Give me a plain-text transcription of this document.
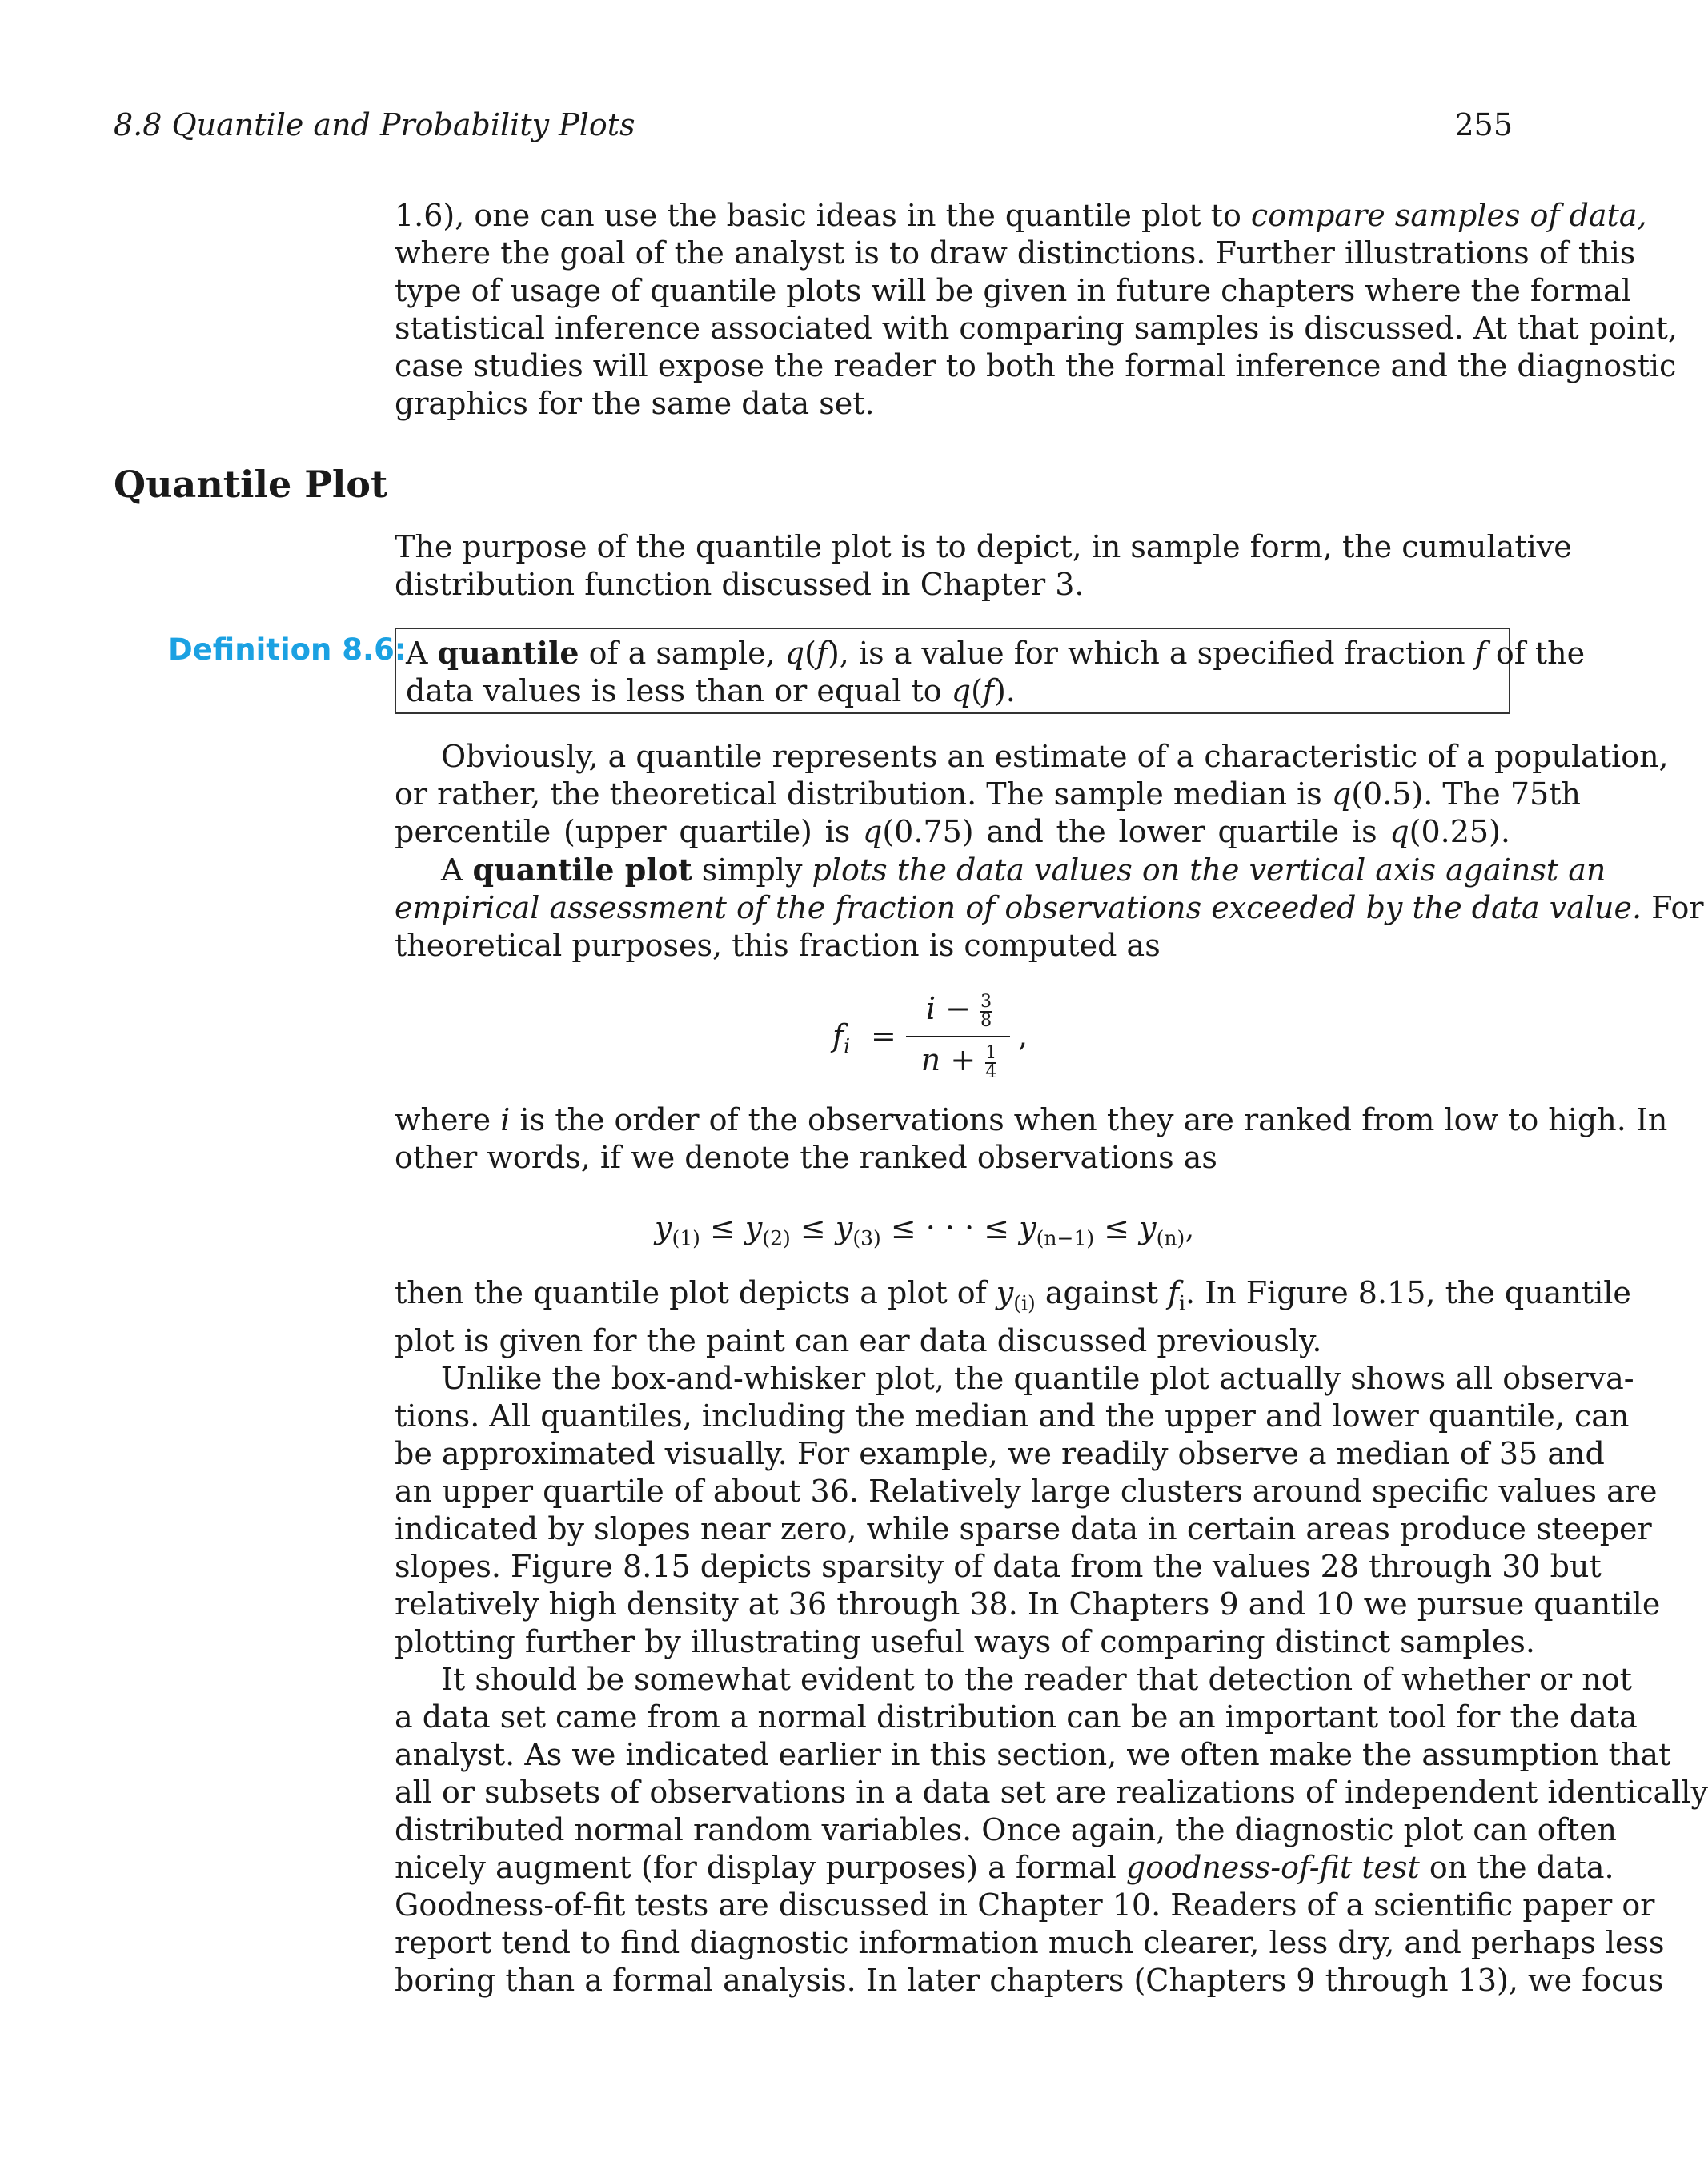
8.8 Quantile and Probability Plots	255
1.6), one can use the basic ideas in the quantile plot to compare samples of data,
where the goal of the analyst is to draw distinctions. Further illustrations of this
type of usage of quantile plots will be given in future chapters where the formal
statistical inference associated with comparing samples is discussed. At that point,
case studies will expose the reader to both the formal inference and the diagnostic
graphics for the same data set.
Quantile Plot
The purpose of the quantile plot is to depict, in sample form, the cumulative
distribution function discussed in Chapter 3.
Definition 8.6: A quantile of a sample, q(f), is a value for which a specified fraction f of the
data values is less than or equal to q(f).
Obviously, a quantile represents an estimate of a characteristic of a population,
or rather, the theoretical distribution. The sample median is q(0.5). The 75th
percentile (upper quartile) is q(0.75) and the lower quartile is q(0.25).
A quantile plot simply plots the data values on the vertical axis against an
empirical assessment of the fraction of observations exceeded by the data value. For
theoretical purposes, this fraction is computed as
$f_i$ =
$i - \frac{3}{8}$
$n + \frac{1}{4}$
,
where i is the order of the observations when they are ranked from low to high. In
other words, if we denote the ranked observations as
$y_{(1)} \le y_{(2)} \le y_{(3)}$ ≤ · · · ≤ $y_{(n-1)} \le y_{(n)}$,
then the quantile plot depicts a plot of $y_{(i)}$ against $f_i$. In Figure 8.15, the quantile
plot is given for the paint can ear data discussed previously.
Unlike the box-and-whisker plot, the quantile plot actually shows all observa-
tions. All quantiles, including the median and the upper and lower quantile, can
be approximated visually. For example, we readily observe a median of 35 and
an upper quartile of about 36. Relatively large clusters around specific values are
indicated by slopes near zero, while sparse data in certain areas produce steeper
slopes. Figure 8.15 depicts sparsity of data from the values 28 through 30 but
relatively high density at 36 through 38. In Chapters 9 and 10 we pursue quantile
plotting further by illustrating useful ways of comparing distinct samples.
It should be somewhat evident to the reader that detection of whether or not
a data set came from a normal distribution can be an important tool for the data
analyst. As we indicated earlier in this section, we often make the assumption that
all or subsets of observations in a data set are realizations of independent identically
distributed normal random variables. Once again, the diagnostic plot can often
nicely augment (for display purposes) a formal goodness-of-fit test on the data.
Goodness-of-fit tests are discussed in Chapter 10. Readers of a scientific paper or
report tend to find diagnostic information much clearer, less dry, and perhaps less
boring than a formal analysis. In later chapters (Chapters 9 through 13), we focus
